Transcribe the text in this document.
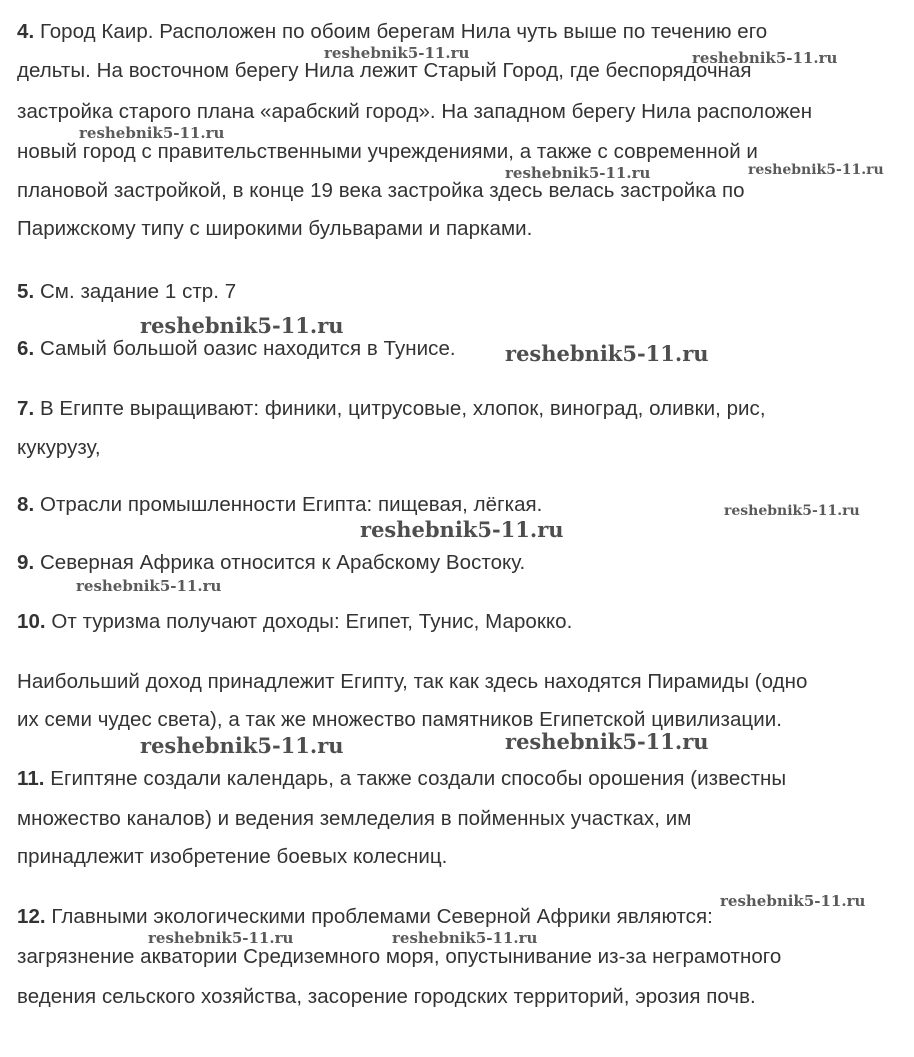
4. Город Каир. Расположен по обоим берегам Нила чуть выше по течению его
дельты. На восточном берегу Нила лежит Старый Город, где беспорядочная
застройка старого плана «арабский город». На западном берегу Нила расположен
новый город с правительственными учреждениями, а также с современной и
плановой застройкой, в конце 19 века застройка здесь велась застройка по
Парижскому типу с широкими бульварами и парками.
5. См. задание 1 стр. 7
6. Самый большой оазис находится в Тунисе.
7. В Египте выращивают: финики, цитрусовые, хлопок, виноград, оливки, рис,
кукурузу,
8. Отрасли промышленности Египта: пищевая, лёгкая.
9. Северная Африка относится к Арабскому Востоку.
10. От туризма получают доходы: Египет, Тунис, Марокко.
Наибольший доход принадлежит Египту, так как здесь находятся Пирамиды (одно
их семи чудес света), а так же множество памятников Египетской цивилизации.
11. Египтяне создали календарь, а также создали способы орошения (известны
множество каналов) и ведения земледелия в пойменных участках, им
принадлежит изобретение боевых колесниц.
12. Главными экологическими проблемами Северной Африки являются:
загрязнение акватории Средиземного моря, опустынивание из-за неграмотного
ведения сельского хозяйства, засорение городских территорий, эрозия почв.
reshebnik5-11.ru	reshebnik5-11.ru
reshebnik5-11.ru
reshebnik5-11.ru	reshebnik5-11.ru
reshebnik5-11.ru
reshebnik5-11.ru
reshebnik5-11.ru
reshebnik5-11.ru
reshebnik5-11.ru
reshebnik5-11.ru	reshebnik5-11.ru
reshebnik5-11.ru
reshebnik5-11.ru	reshebnik5-11.ru
